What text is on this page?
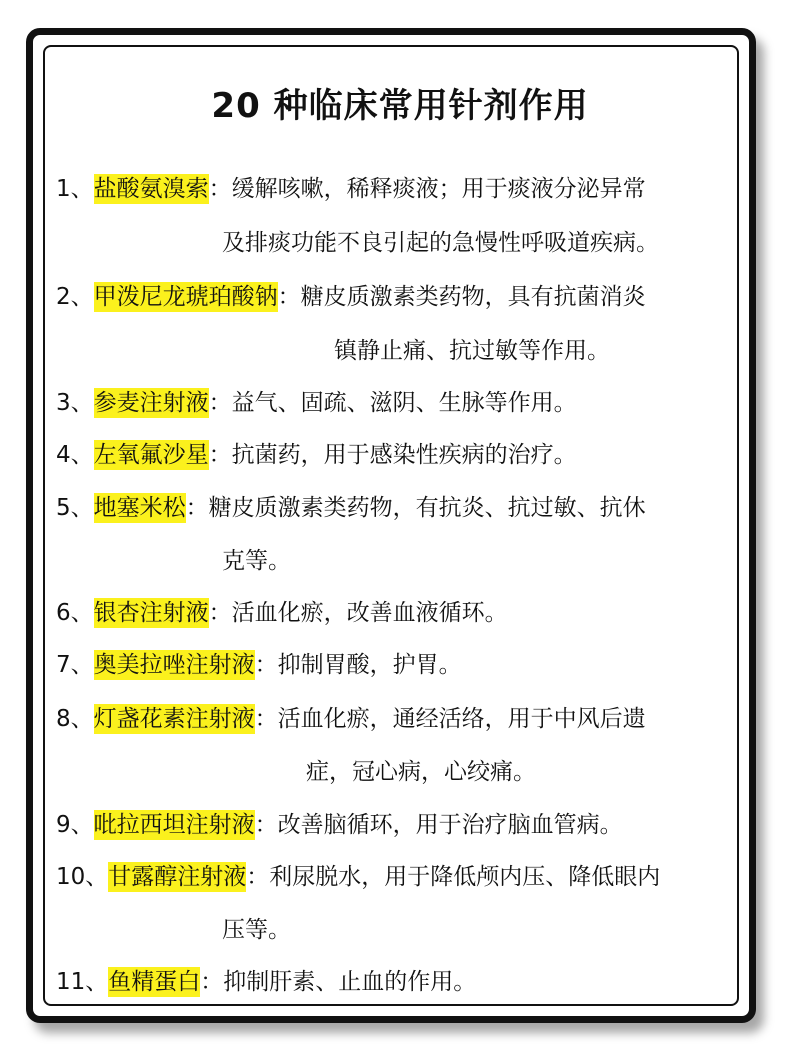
20 种临床常用针剂作用
1、盐酸氨溴索：缓解咳嗽，稀释痰液；用于痰液分泌异常
及排痰功能不良引起的急慢性呼吸道疾病。
2、甲泼尼龙琥珀酸钠：糖皮质激素类药物，具有抗菌消炎
镇静止痛、抗过敏等作用。
3、参麦注射液：益气、固疏、滋阴、生脉等作用。
4、左氧氟沙星：抗菌药，用于感染性疾病的治疗。
5、地塞米松：糖皮质激素类药物，有抗炎、抗过敏、抗休
克等。
6、银杏注射液：活血化瘀，改善血液循环。
7、奥美拉唑注射液：抑制胃酸，护胃。
8、灯盏花素注射液：活血化瘀，通经活络，用于中风后遗
症，冠心病，心绞痛。
9、吡拉西坦注射液：改善脑循环，用于治疗脑血管病。
10、甘露醇注射液：利尿脱水，用于降低颅内压、降低眼内
压等。
11、鱼精蛋白：抑制肝素、止血的作用。
